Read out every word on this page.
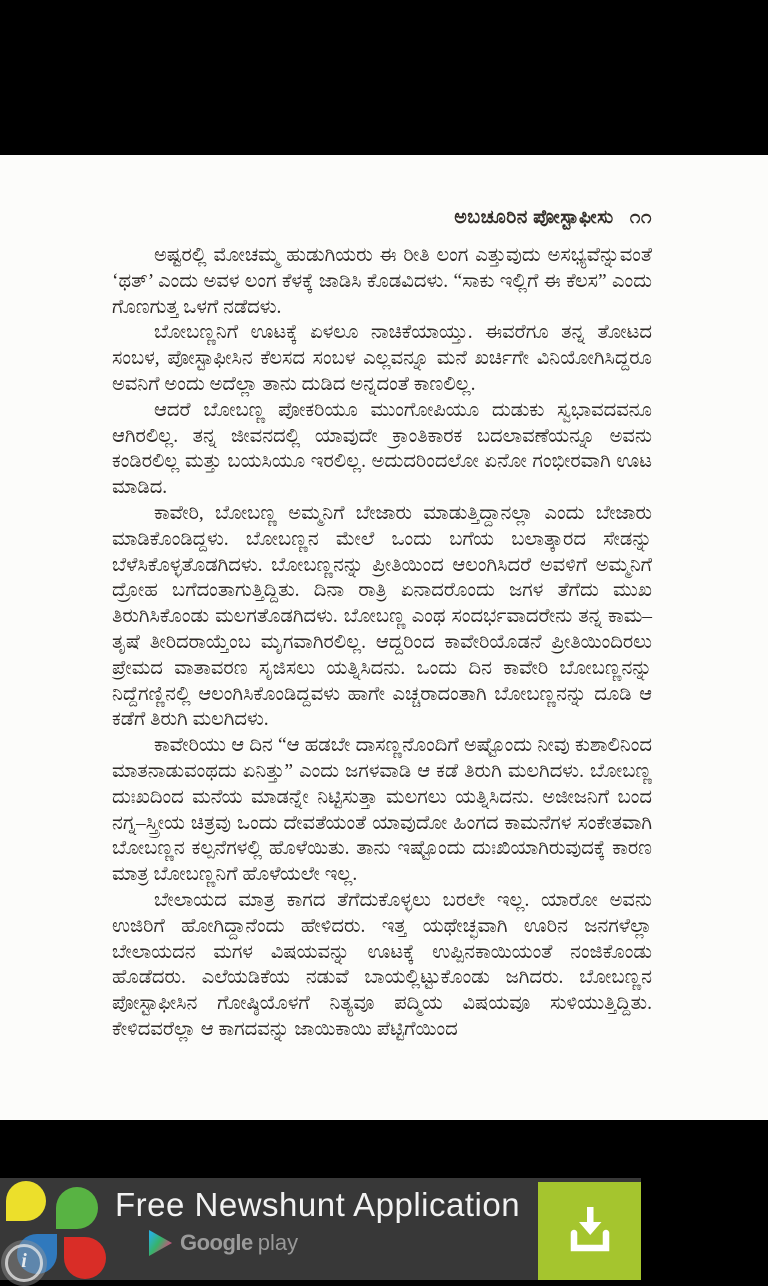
ಅಬಚೂರಿನ ಪೋಸ್ಟಾಫೀಸು ೧೧

ಅಷ್ಟರಲ್ಲಿ ಮೋಚಮ್ಮ ಹುಡುಗಿಯರು ಈ ರೀತಿ ಲಂಗ ಎತ್ತುವುದು ಅಸಭ್ಯವೆನ್ನುವಂತೆ ‘ಥತ್’ ಎಂದು ಅವಳ ಲಂಗ ಕೆಳಕ್ಕೆ ಜಾಡಿಸಿ ಕೊಡವಿದಳು. “ಸಾಕು ಇಲ್ಲಿಗೆ ಈ ಕೆಲಸ” ಎಂದು ಗೊಣಗುತ್ತ ಒಳಗೆ ನಡೆದಳು.

ಬೋಬಣ್ಣನಿಗೆ ಊಟಕ್ಕೆ ಏಳಲೂ ನಾಚಿಕೆಯಾಯ್ತು. ಈವರೆಗೂ ತನ್ನ ತೋಟದ ಸಂಬಳ, ಪೋಸ್ಟಾಫೀಸಿನ ಕೆಲಸದ ಸಂಬಳ ಎಲ್ಲವನ್ನೂ ಮನೆ ಖರ್ಚಿಗೇ ವಿನಿಯೋಗಿಸಿದ್ದರೂ ಅವನಿಗೆ ಅಂದು ಅದೆಲ್ಲಾ ತಾನು ದುಡಿದ ಅನ್ನದಂತೆ ಕಾಣಲಿಲ್ಲ.

ಆದರೆ ಬೋಬಣ್ಣ ಪೋಕರಿಯೂ ಮುಂಗೋಪಿಯೂ ದುಡುಕು ಸ್ವಭಾವದವನೂ ಆಗಿರಲಿಲ್ಲ. ತನ್ನ ಜೀವನದಲ್ಲಿ ಯಾವುದೇ ಕ್ರಾಂತಿಕಾರಕ ಬದಲಾವಣೆಯನ್ನೂ ಅವನು ಕಂಡಿರಲಿಲ್ಲ ಮತ್ತು ಬಯಸಿಯೂ ಇರಲಿಲ್ಲ. ಅದುದರಿಂದಲೋ ಏನೋ ಗಂಭೀರವಾಗಿ ಊಟ ಮಾಡಿದ.

ಕಾವೇರಿ, ಬೋಬಣ್ಣ ಅಮ್ಮನಿಗೆ ಬೇಜಾರು ಮಾಡುತ್ತಿದ್ದಾನಲ್ಲಾ ಎಂದು ಬೇಜಾರು ಮಾಡಿಕೊಂಡಿದ್ದಳು. ಬೋಬಣ್ಣನ ಮೇಲೆ ಒಂದು ಬಗೆಯ ಬಲಾತ್ಕಾರದ ಸೇಡನ್ನು ಬೆಳೆಸಿಕೊಳ್ಳತೊಡಗಿದಳು. ಬೋಬಣ್ಣನನ್ನು ಪ್ರೀತಿಯಿಂದ ಆಲಂಗಿಸಿದರೆ ಅವಳಿಗೆ ಅಮ್ಮನಿಗೆ ದ್ರೋಹ ಬಗೆದಂತಾಗುತ್ತಿದ್ದಿತು. ದಿನಾ ರಾತ್ರಿ ಏನಾದರೊಂದು ಜಗಳ ತೆಗೆದು ಮುಖ ತಿರುಗಿಸಿಕೊಂಡು ಮಲಗತೊಡಗಿದಳು. ಬೋಬಣ್ಣ ಎಂಥ ಸಂದರ್ಭವಾದರೇನು ತನ್ನ ಕಾಮ–ತೃಷೆ ತೀರಿದರಾಯ್ತೆಂಬ ಮೃಗವಾಗಿರಲಿಲ್ಲ. ಆದ್ದರಿಂದ ಕಾವೇರಿಯೊಡನೆ ಪ್ರೀತಿಯಿಂದಿರಲು ಪ್ರೇಮದ ವಾತಾವರಣ ಸೃಜಿಸಲು ಯತ್ನಿಸಿದನು. ಒಂದು ದಿನ ಕಾವೇರಿ ಬೋಬಣ್ಣನನ್ನು ನಿದ್ದೆಗಣ್ಣಿನಲ್ಲಿ ಆಲಂಗಿಸಿಕೊಂಡಿದ್ದವಳು ಹಾಗೇ ಎಚ್ಚರಾದಂತಾಗಿ ಬೋಬಣ್ಣನನ್ನು ದೂಡಿ ಆ ಕಡೆಗೆ ತಿರುಗಿ ಮಲಗಿದಳು.

ಕಾವೇರಿಯು ಆ ದಿನ “ಆ ಹಡಬೇ ದಾಸಣ್ಣನೊಂದಿಗೆ ಅಷ್ಟೊಂದು ನೀವು ಕುಶಾಲಿನಿಂದ ಮಾತನಾಡುವಂಥದು ಏನಿತ್ತು” ಎಂದು ಜಗಳವಾಡಿ ಆ ಕಡೆ ತಿರುಗಿ ಮಲಗಿದಳು. ಬೋಬಣ್ಣ ದುಃಖದಿಂದ ಮನೆಯ ಮಾಡನ್ನೇ ನಿಟ್ಟಿಸುತ್ತಾ ಮಲಗಲು ಯತ್ನಿಸಿದನು. ಅಜೀಜನಿಗೆ ಬಂದ ನಗ್ನ–ಸ್ತ್ರೀಯ ಚಿತ್ರವು ಒಂದು ದೇವತೆಯಂತೆ ಯಾವುದೋ ಹಿಂಗದ ಕಾಮನೆಗಳ ಸಂಕೇತವಾಗಿ ಬೋಬಣ್ಣನ ಕಲ್ಪನೆಗಳಲ್ಲಿ ಹೊಳೆಯಿತು. ತಾನು ಇಷ್ಟೊಂದು ದುಃಖಿಯಾಗಿರುವುದಕ್ಕೆ ಕಾರಣ ಮಾತ್ರ ಬೋಬಣ್ಣನಿಗೆ ಹೊಳೆಯಲೇ ಇಲ್ಲ.

ಬೇಲಾಯದ ಮಾತ್ರ ಕಾಗದ ತೆಗೆದುಕೊಳ್ಳಲು ಬರಲೇ ಇಲ್ಲ. ಯಾರೋ ಅವನು ಉಜಿರಿಗೆ ಹೋಗಿದ್ದಾನೆಂದು ಹೇಳಿದರು. ಇತ್ತ ಯಥೇಚ್ಛವಾಗಿ ಊರಿನ ಜನಗಳೆಲ್ಲಾ ಬೇಲಾಯದನ ಮಗಳ ವಿಷಯವನ್ನು ಊಟಕ್ಕೆ ಉಪ್ಪಿನಕಾಯಿಯಂತೆ ನಂಜಿಕೊಂಡು ಹೊಡೆದರು. ಎಲೆಯಡಿಕೆಯ ನಡುವೆ ಬಾಯಲ್ಲಿಟ್ಟುಕೊಂಡು ಜಗಿದರು. ಬೋಬಣ್ಣನ ಪೋಸ್ಟಾಫೀಸಿನ ಗೋಷ್ಠಿಯೊಳಗೆ ನಿತ್ಯವೂ ಪದ್ಮಿಯ ವಿಷಯವೂ ಸುಳಿಯುತ್ತಿದ್ದಿತು. ಕೇಳಿದವರೆಲ್ಲಾ ಆ ಕಾಗದವನ್ನು ಜಾಯಿಕಾಯಿ ಪೆಟ್ಟಿಗೆಯಿಂದ

i
Free Newshunt Application
Google play
